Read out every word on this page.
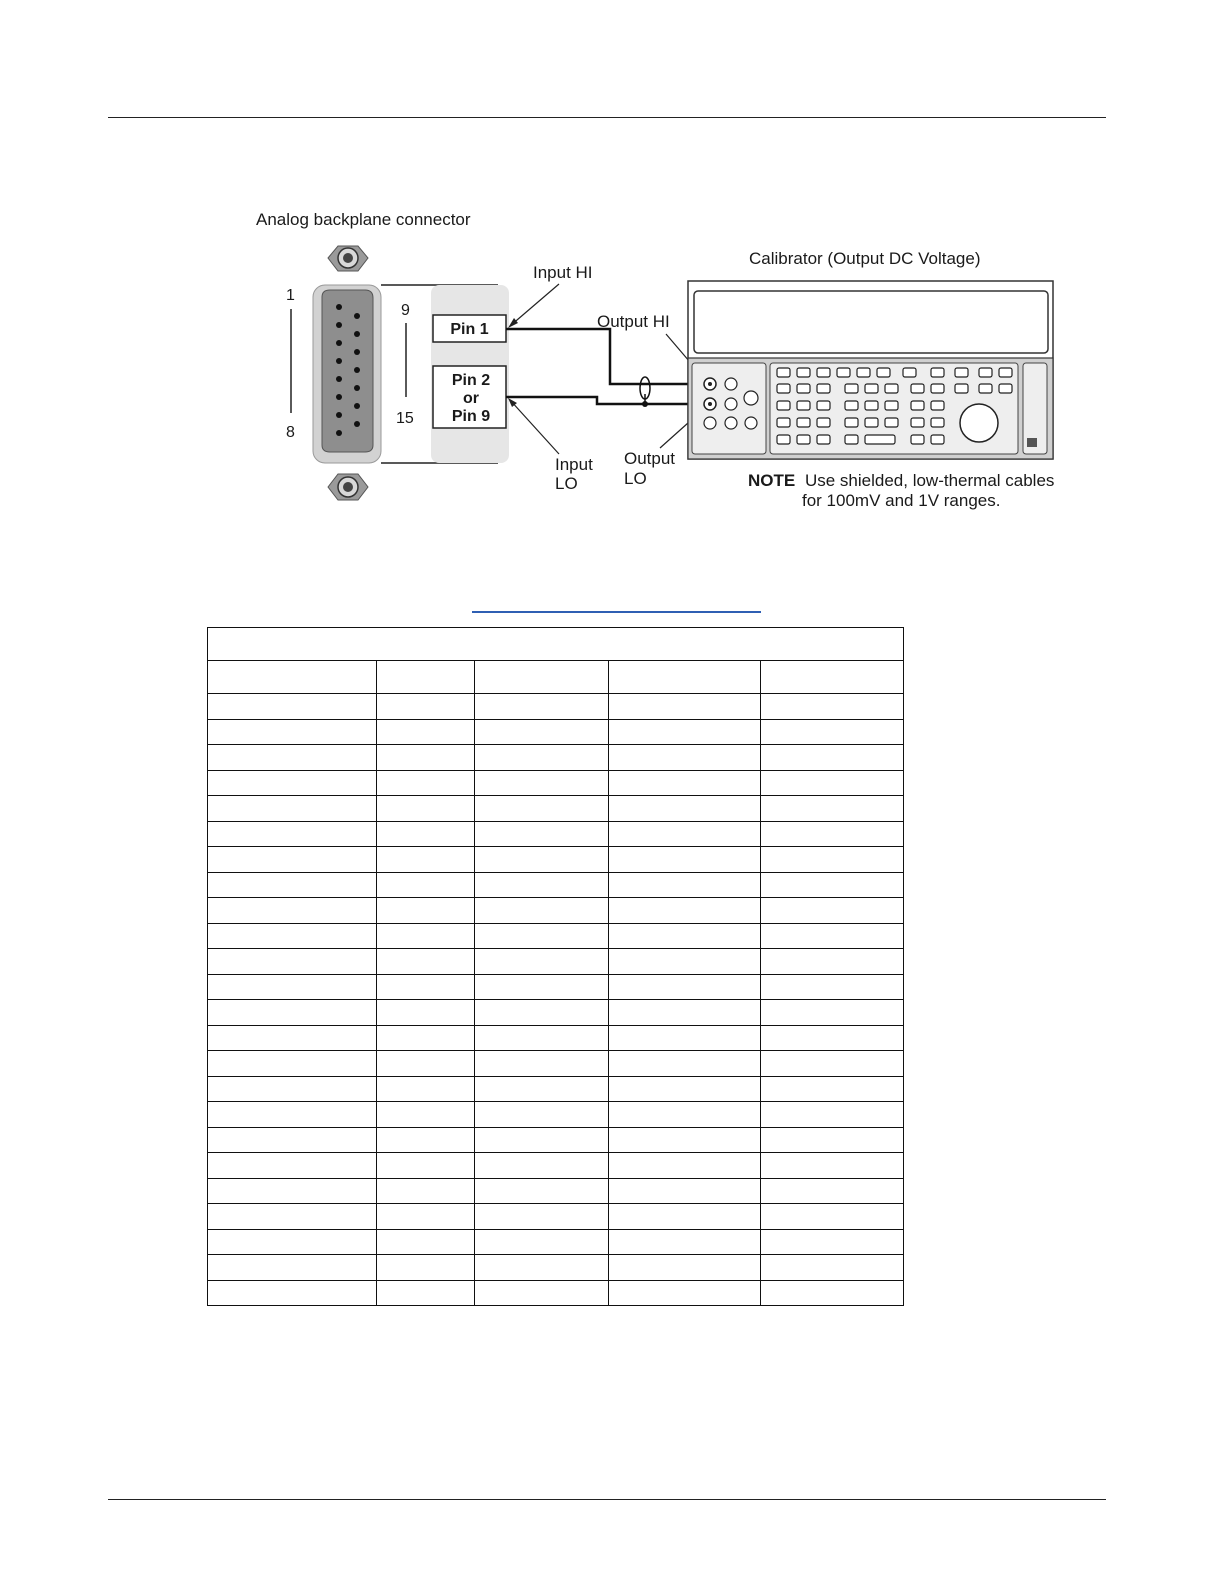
Analog backplane connector
1
8
9
15
Pin 1
Pin 2
or
Pin 9
Input HI
Output HI
Input
LO
Output
LO
Calibrator (Output DC Voltage)
NOTE Use shielded, low-thermal cables
for 100mV and 1V ranges.
